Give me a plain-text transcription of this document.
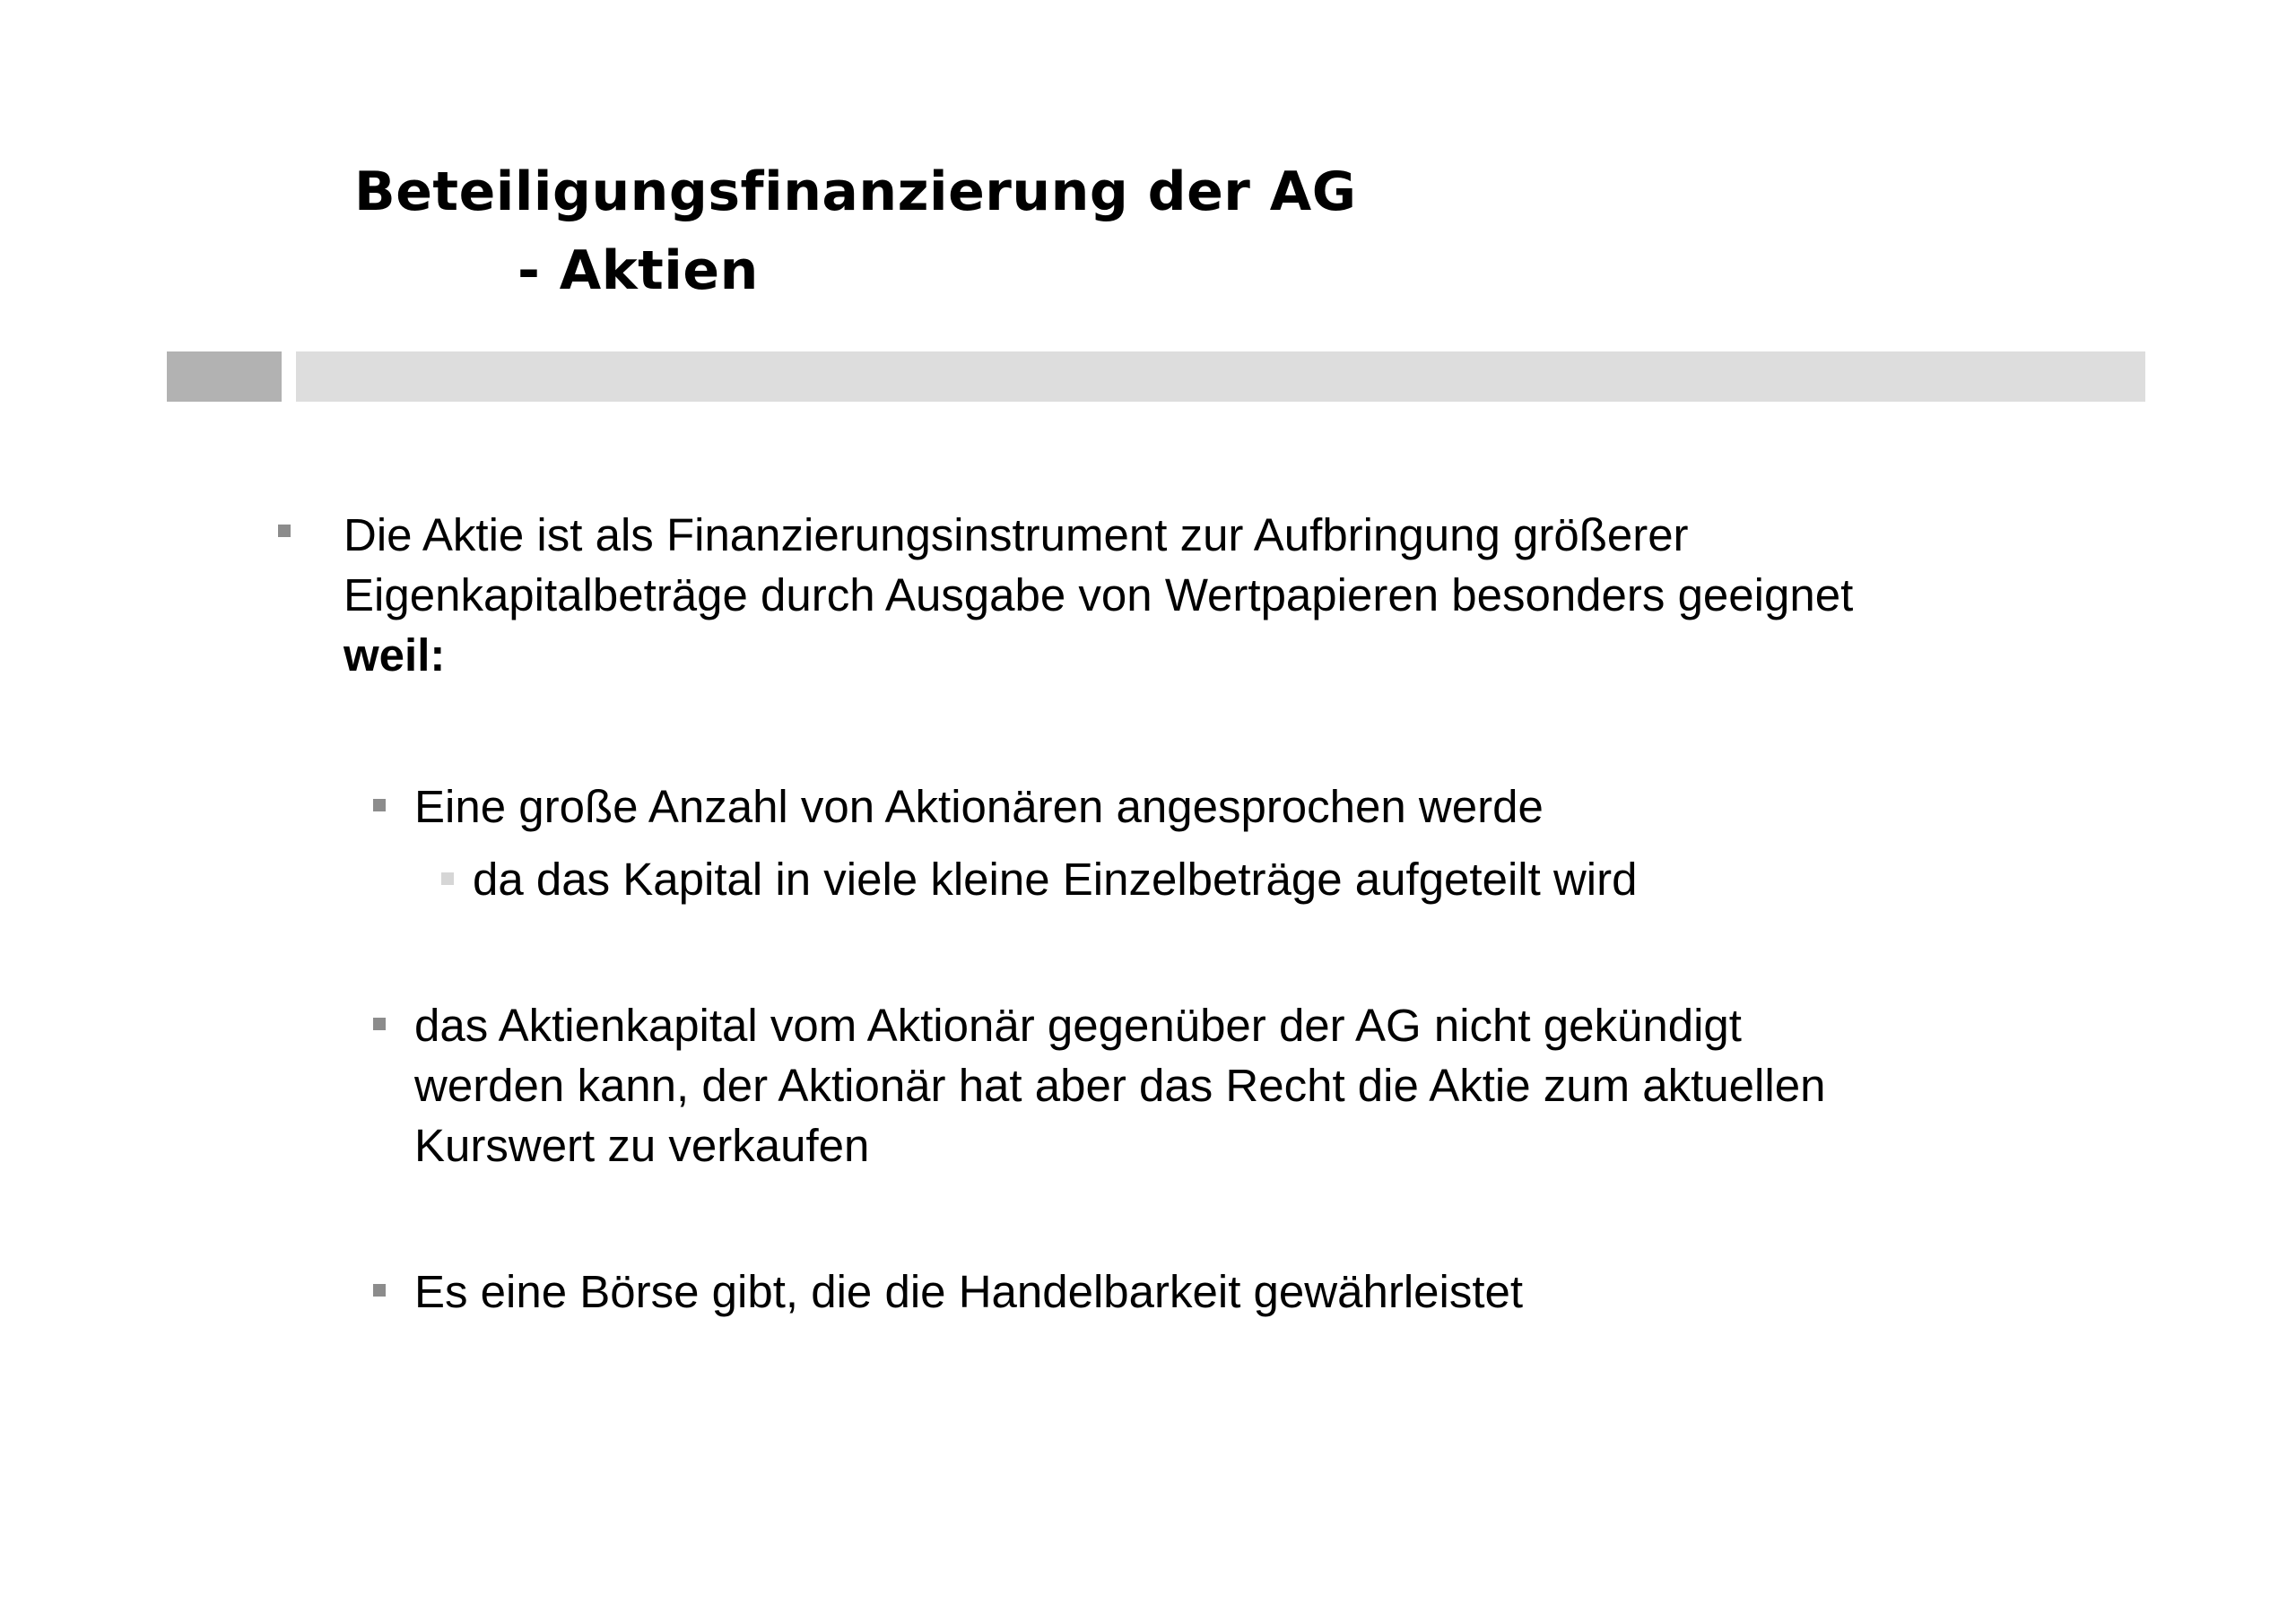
Beteiligungsfinanzierung der AG
- Aktien
Die Aktie ist als Finanzierungsinstrument zur Aufbringung größerer
Eigenkapitalbeträge durch Ausgabe von Wertpapieren besonders geeignet
weil:
Eine große Anzahl von Aktionären angesprochen werde
da das Kapital in viele kleine Einzelbeträge aufgeteilt wird
das Aktienkapital vom Aktionär gegenüber der AG nicht gekündigt
werden kann, der Aktionär hat aber das Recht die Aktie zum aktuellen
Kurswert zu verkaufen
Es eine Börse gibt, die die Handelbarkeit gewährleistet
